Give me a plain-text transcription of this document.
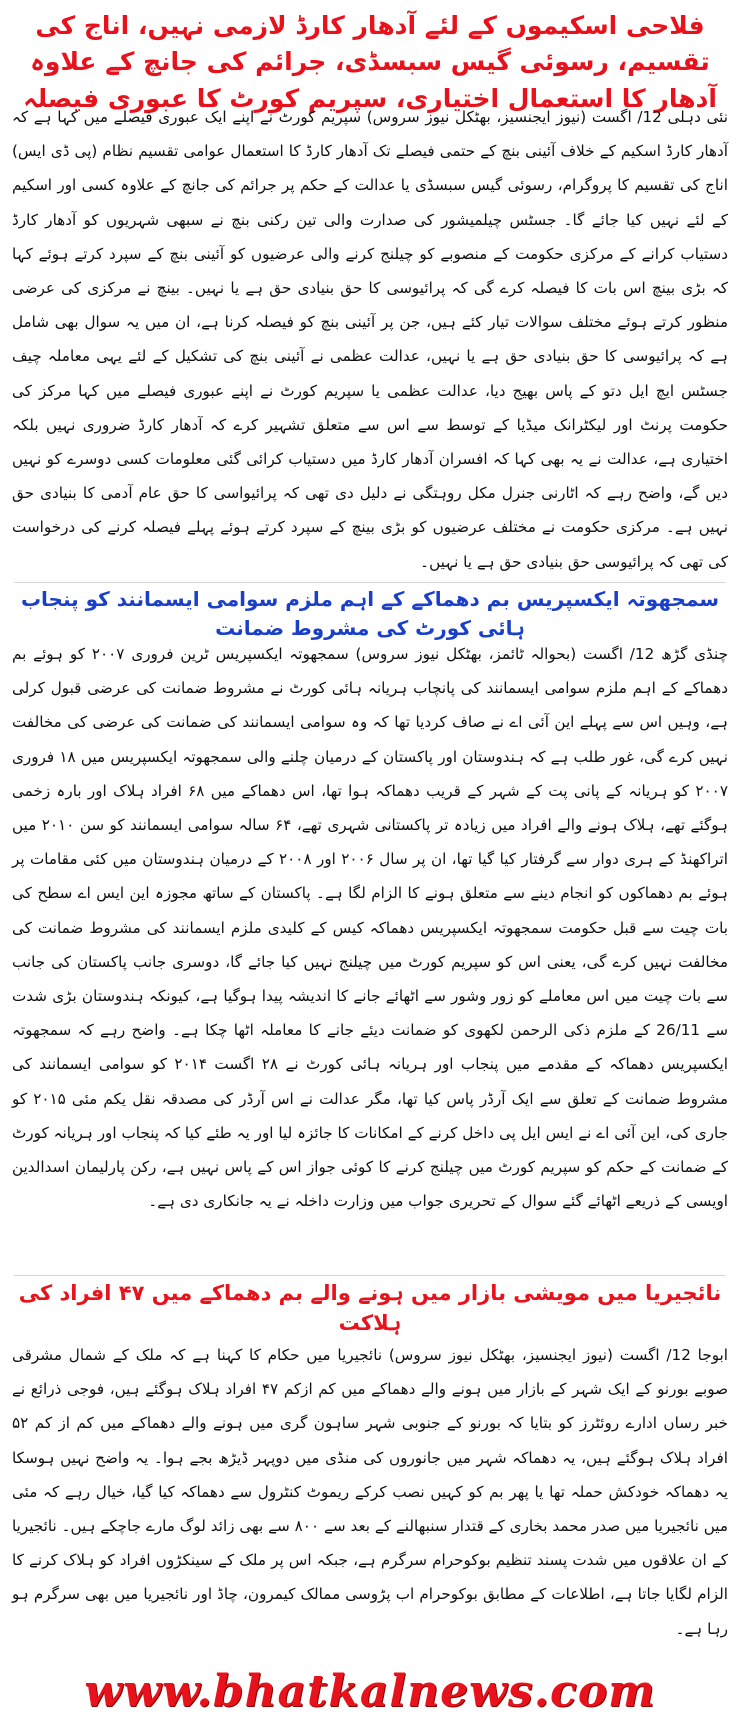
فلاحی اسکیموں کے لئے آدھار کارڈ لازمی نہیں، اناج کی تقسیم، رسوئی گیس سبسڈی، جرائم کی جانچ کے علاوہ آدھار کا استعمال اختیاری، سپریم کورٹ کا عبوری فیصلہ

نئی دہلی 12/ اگست (نیوز ایجنسیز، بھٹکل نیوز سروس) سپریم کورٹ نے اپنے ایک عبوری فیصلے میں کہا ہے کہ آدھار کارڈ اسکیم کے خلاف آئینی بنچ کے حتمی فیصلے تک آدھار کارڈ کا استعمال عوامی تقسیم نظام (پی ڈی ایس) اناج کی تقسیم کا پروگرام، رسوئی گیس سبسڈی یا عدالت کے حکم پر جرائم کی جانچ کے علاوہ کسی اور اسکیم کے لئے نہیں کیا جائے گا۔ جسٹس چیلمیشور کی صدارت والی تین رکنی بنچ نے سبھی شہریوں کو آدھار کارڈ دستیاب کرانے کے مرکزی حکومت کے منصوبے کو چیلنج کرنے والی عرضیوں کو آئینی بنچ کے سپرد کرتے ہوئے کہا کہ بڑی بینچ اس بات کا فیصلہ کرے گی کہ پرائیوسی کا حق بنیادی حق ہے یا نہیں۔ بینچ نے مرکزی کی عرضی منظور کرتے ہوئے مختلف سوالات تیار کئے ہیں، جن پر آئینی بنچ کو فیصلہ کرنا ہے، ان میں یہ سوال بھی شامل ہے کہ پرائیوسی کا حق بنیادی حق ہے یا نہیں، عدالت عظمی نے آئینی بنچ کی تشکیل کے لئے یہی معاملہ چیف جسٹس ایچ ایل دتو کے پاس بھیج دیا، عدالت عظمی یا سپریم کورٹ نے اپنے عبوری فیصلے میں کہا مرکز کی حکومت پرنٹ اور لیکٹرانک میڈیا کے توسط سے اس سے متعلق تشہیر کرے کہ آدھار کارڈ ضروری نہیں بلکہ اختیاری ہے، عدالت نے یہ بھی کہا کہ افسران آدھار کارڈ میں دستیاب کرائی گئی معلومات کسی دوسرے کو نہیں دیں گے، واضح رہے کہ اٹارنی جنرل مکل روہتگی نے دلیل دی تھی کہ پرائیواسی کا حق عام آدمی کا بنیادی حق نہیں ہے۔ مرکزی حکومت نے مختلف عرضیوں کو بڑی بینچ کے سپرد کرتے ہوئے پہلے فیصلہ کرنے کی درخواست کی تھی کہ پرائیوسی حق بنیادی حق ہے یا نہیں۔

سمجھوتہ ایکسپریس بم دھماکے کے اہم ملزم سوامی ایسمانند کو پنجاب ہائی کورٹ کی مشروط ضمانت

چنڈی گڑھ 12/ اگست (بحوالہ ٹائمز، بھٹکل نیوز سروس) سمجھوتہ ایکسپریس ٹرین فروری ۲۰۰۷ کو ہوئے بم دھماکے کے اہم ملزم سوامی ایسمانند کی پانچاب ہریانہ ہائی کورٹ نے مشروط ضمانت کی عرضی قبول کرلی ہے، وہیں اس سے پہلے این آئی اے نے صاف کردیا تھا کہ وہ سوامی ایسمانند کی ضمانت کی عرضی کی مخالفت نہیں کرے گی، غور طلب ہے کہ ہندوستان اور پاکستان کے درمیان چلنے والی سمجھوتہ ایکسپریس میں ۱۸ فروری ۲۰۰۷ کو ہریانہ کے پانی پت کے شہر کے قریب دھماکہ ہوا تھا، اس دھماکے میں ۶۸ افراد ہلاک اور بارہ زخمی ہوگئے تھے، ہلاک ہونے والے افراد میں زیادہ تر پاکستانی شہری تھے، ۶۴ سالہ سوامی ایسمانند کو سن ۲۰۱۰ میں اتراکھنڈ کے ہری دوار سے گرفتار کیا گیا تھا، ان پر سال ۲۰۰۶ اور ۲۰۰۸ کے درمیان ہندوستان میں کئی مقامات پر ہوئے بم دھماکوں کو انجام دینے سے متعلق ہونے کا الزام لگا ہے۔ پاکستان کے ساتھ مجوزہ این ایس اے سطح کی بات چیت سے قبل حکومت سمجھوتہ ایکسپریس دھماکہ کیس کے کلیدی ملزم ایسمانند کی مشروط ضمانت کی مخالفت نہیں کرے گی، یعنی اس کو سپریم کورٹ میں چیلنج نہیں کیا جائے گا، دوسری جانب پاکستان کی جانب سے بات چیت میں اس معاملے کو زور وشور سے اٹھائے جانے کا اندیشہ پیدا ہوگیا ہے، کیونکہ ہندوستان بڑی شدت سے 26/11 کے ملزم ذکی الرحمن لکھوی کو ضمانت دیئے جانے کا معاملہ اٹھا چکا ہے۔ واضح رہے کہ سمجھوتہ ایکسپریس دھماکہ کے مقدمے میں پنجاب اور ہریانہ ہائی کورٹ نے ۲۸ اگست ۲۰۱۴ کو سوامی ایسمانند کی مشروط ضمانت کے تعلق سے ایک آرڈر پاس کیا تھا، مگر عدالت نے اس آرڈر کی مصدقہ نقل یکم مئی ۲۰۱۵ کو جاری کی، این آئی اے نے ایس ایل پی داخل کرنے کے امکانات کا جائزہ لیا اور یہ طئے کیا کہ پنجاب اور ہریانہ کورٹ کے ضمانت کے حکم کو سپریم کورٹ میں چیلنج کرنے کا کوئی جواز اس کے پاس نہیں ہے، رکن پارلیمان اسدالدین اویسی کے ذریعے اٹھائے گئے سوال کے تحریری جواب میں وزارت داخلہ نے یہ جانکاری دی ہے۔

نائجیریا میں مویشی بازار میں ہونے والے بم دھماکے میں ۴۷ افراد کی ہلاکت

ابوجا 12/ اگست (نیوز ایجنسیز، بھٹکل نیوز سروس) نائجیریا میں حکام کا کہنا ہے کہ ملک کے شمال مشرقی صوبے بورنو کے ایک شہر کے بازار میں ہونے والے دھماکے میں کم ازکم ۴۷ افراد ہلاک ہوگئے ہیں، فوجی ذرائع نے خبر رساں ادارے روئٹرز کو بتایا کہ بورنو کے جنوبی شہر ساہون گری میں ہونے والے دھماکے میں کم از کم ۵۲ افراد ہلاک ہوگئے ہیں، یہ دھماکہ شہر میں جانوروں کی منڈی میں دوپہر ڈیڑھ بجے ہوا۔ یہ واضح نہیں ہوسکا یہ دھماکہ خودکش حملہ تھا یا پھر بم کو کہیں نصب کرکے ریموٹ کنٹرول سے دھماکہ کیا گیا، خیال رہے کہ مئی میں نائجیریا میں صدر محمد بخاری کے قتدار سنبھالنے کے بعد سے ۸۰۰ سے بھی زائد لوگ مارے جاچکے ہیں۔ نائجیریا کے ان علاقوں میں شدت پسند تنظیم بوکوحرام سرگرم ہے، جبکہ اس پر ملک کے سینکڑوں افراد کو ہلاک کرنے کا الزام لگایا جاتا ہے، اطلاعات کے مطابق بوکوحرام اب پڑوسی ممالک کیمرون، چاڈ اور نائجیریا میں بھی سرگرم ہو رہا ہے۔

www.bhatkalnews.com
